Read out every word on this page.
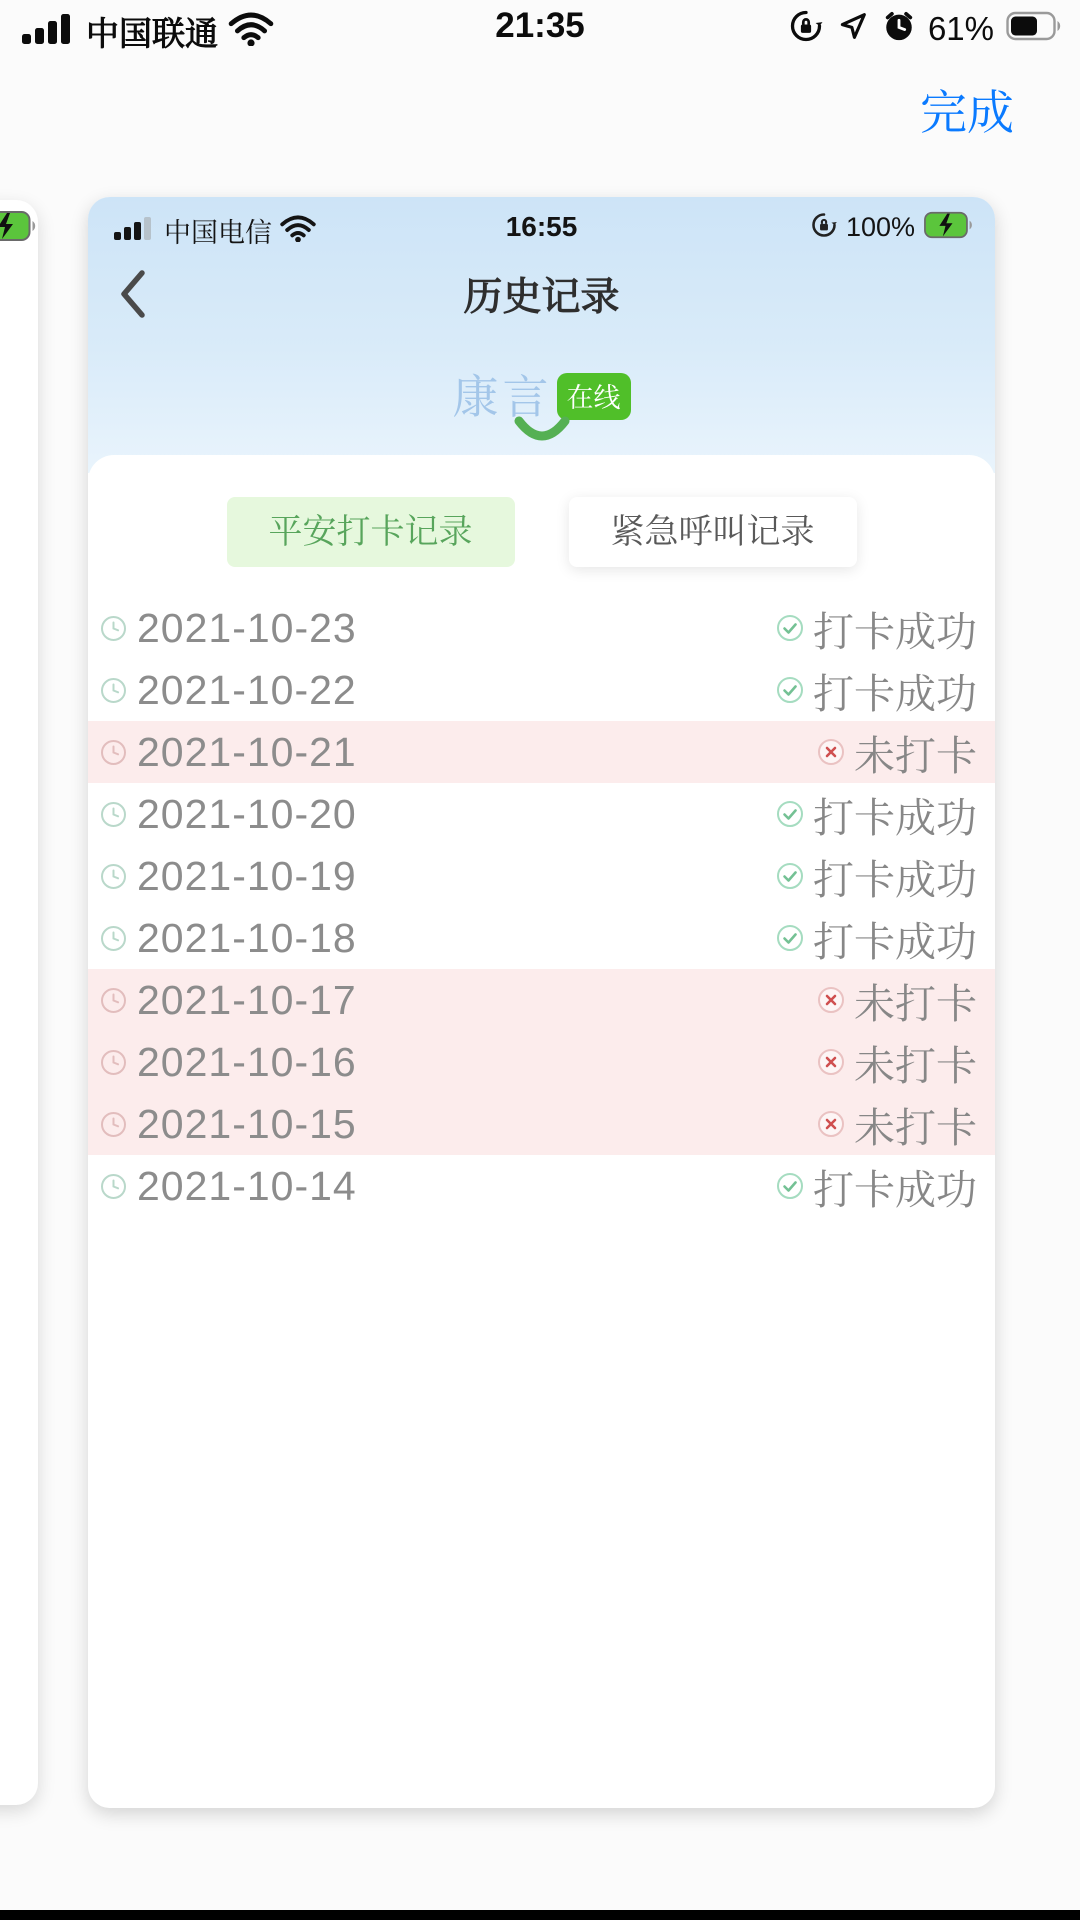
中国联通	21:35	61%
完成
中国电信	16:55	100%
历史记录
康言 在线
平安打卡记录	紧急呼叫记录
2021-10-23	打卡成功
2021-10-22	打卡成功
2021-10-21	未打卡
2021-10-20	打卡成功
2021-10-19	打卡成功
2021-10-18	打卡成功
2021-10-17	未打卡
2021-10-16	未打卡
2021-10-15	未打卡
2021-10-14	打卡成功
